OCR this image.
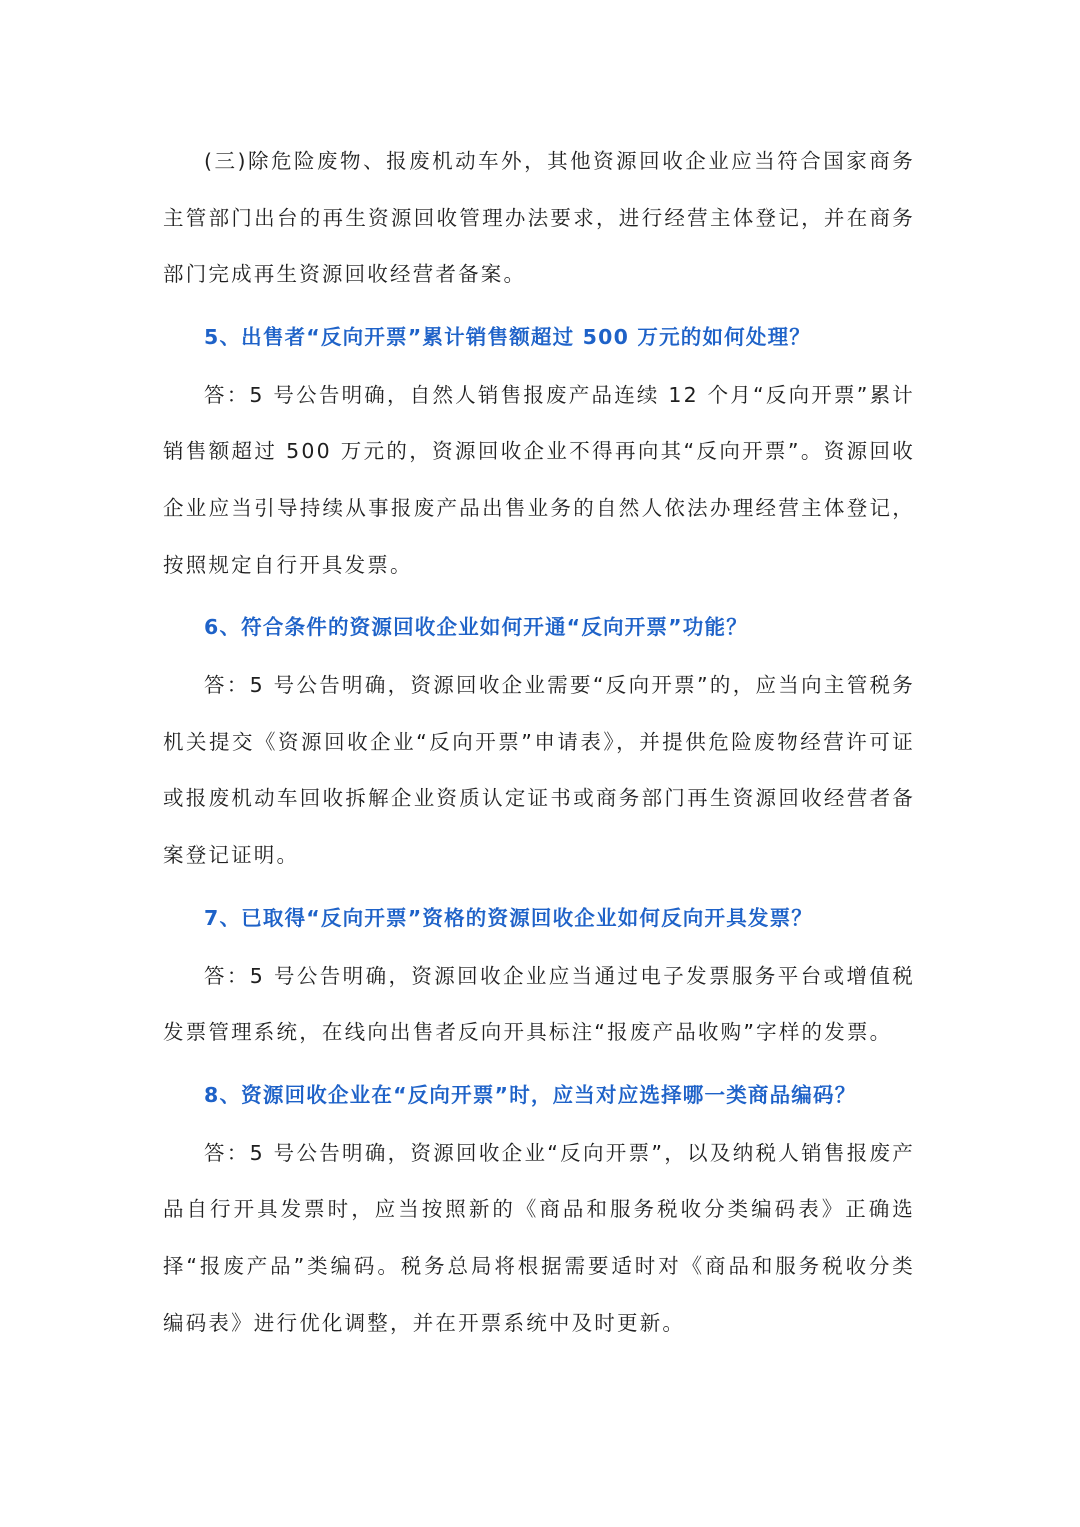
(三)除危险废物、报废机动车外，其他资源回收企业应当符合国家商务主管部门出台的再生资源回收管理办法要求，进行经营主体登记，并在商务部门完成再生资源回收经营者备案。

5、出售者“反向开票”累计销售额超过 500 万元的如何处理？

答：5 号公告明确，自然人销售报废产品连续 12 个月“反向开票”累计销售额超过 500 万元的，资源回收企业不得再向其“反向开票”。资源回收企业应当引导持续从事报废产品出售业务的自然人依法办理经营主体登记，按照规定自行开具发票。

6、符合条件的资源回收企业如何开通“反向开票”功能？

答：5 号公告明确，资源回收企业需要“反向开票”的，应当向主管税务机关提交《资源回收企业“反向开票”申请表》，并提供危险废物经营许可证或报废机动车回收拆解企业资质认定证书或商务部门再生资源回收经营者备案登记证明。

7、已取得“反向开票”资格的资源回收企业如何反向开具发票？

答：5 号公告明确，资源回收企业应当通过电子发票服务平台或增值税发票管理系统，在线向出售者反向开具标注“报废产品收购”字样的发票。

8、资源回收企业在“反向开票”时，应当对应选择哪一类商品编码？

答：5 号公告明确，资源回收企业“反向开票”，以及纳税人销售报废产品自行开具发票时，应当按照新的《商品和服务税收分类编码表》正确选择“报废产品”类编码。税务总局将根据需要适时对《商品和服务税收分类编码表》进行优化调整，并在开票系统中及时更新。
